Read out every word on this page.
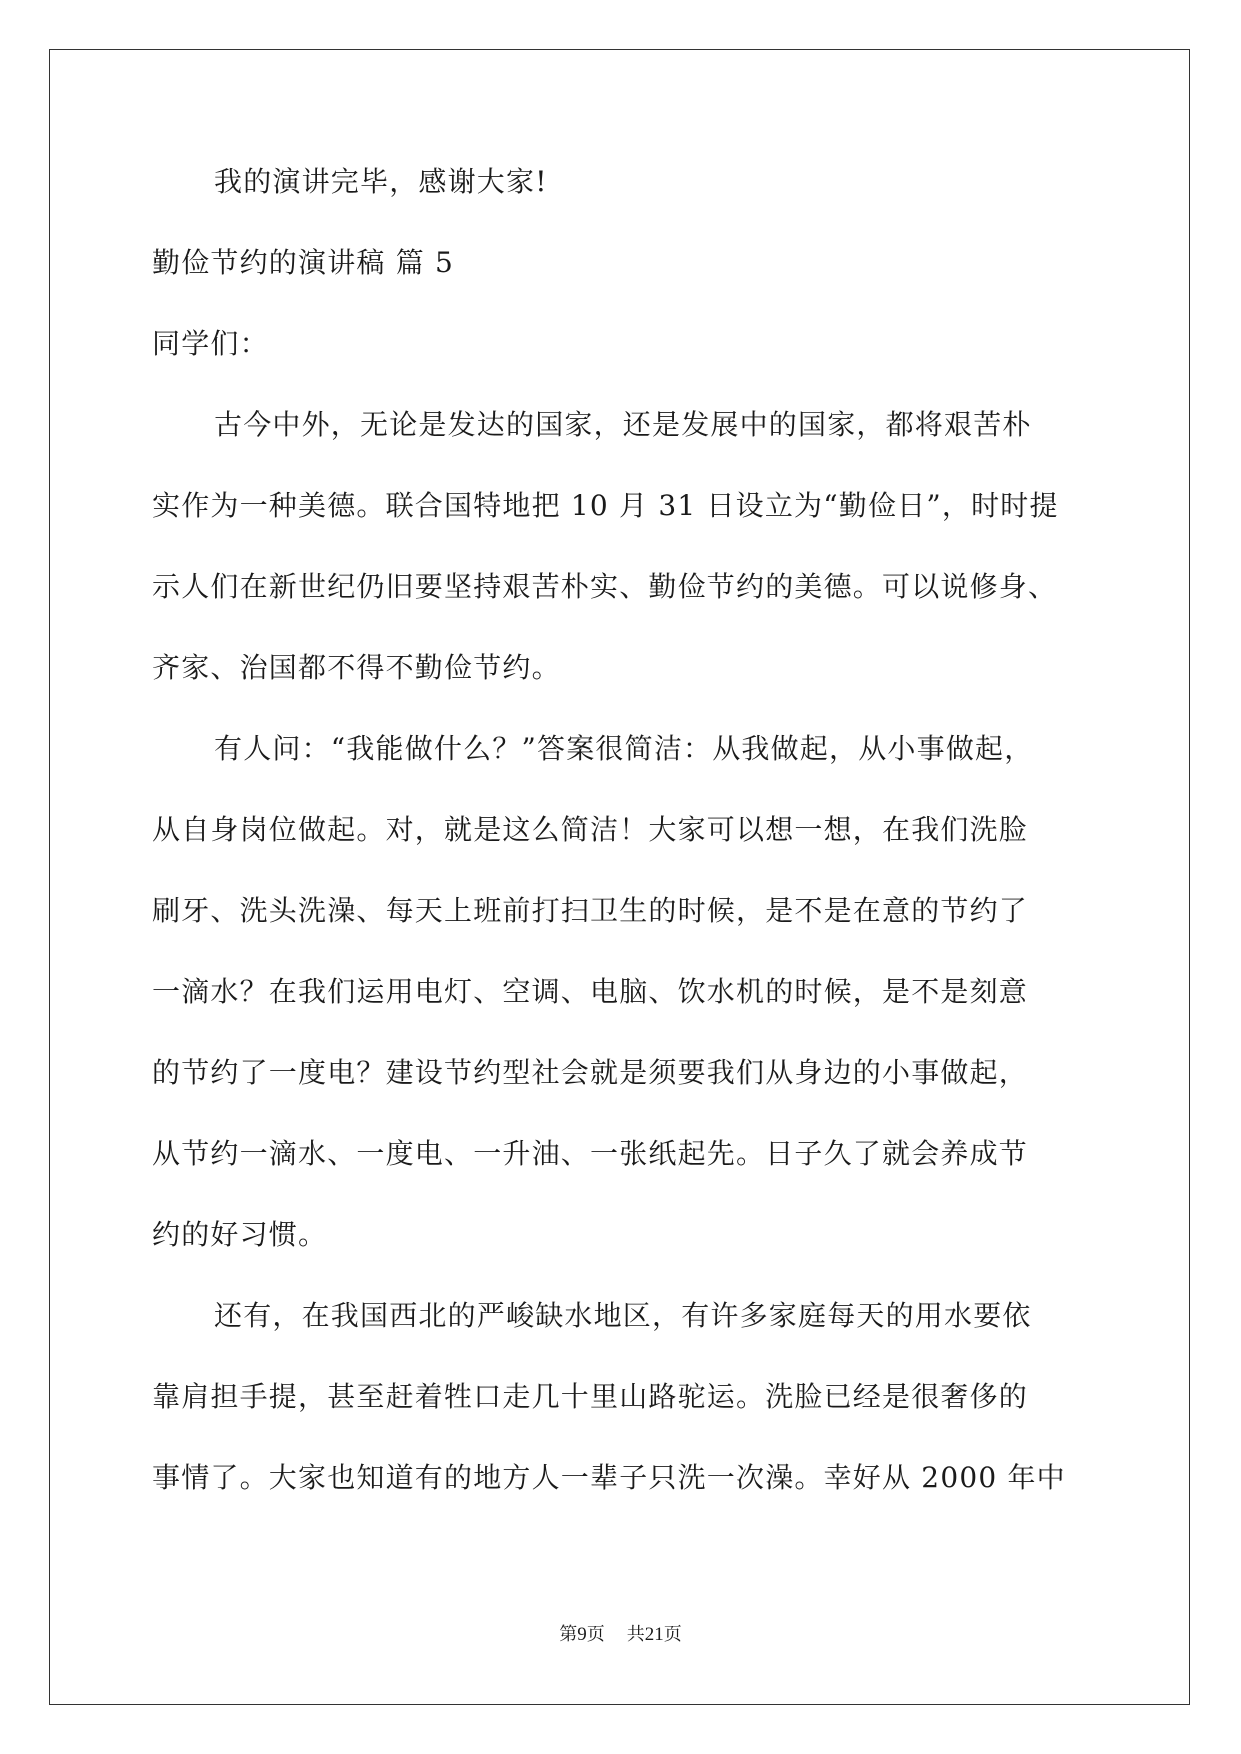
我的演讲完毕，感谢大家!
勤俭节约的演讲稿 篇 5
同学们：
古今中外，无论是发达的国家，还是发展中的国家，都将艰苦朴
实作为一种美德。联合国特地把 10 月 31 日设立为“勤俭日”，时时提
示人们在新世纪仍旧要坚持艰苦朴实、勤俭节约的美德。可以说修身、
齐家、治国都不得不勤俭节约。
有人问：“我能做什么？”答案很简洁：从我做起，从小事做起，
从自身岗位做起。对，就是这么简洁！大家可以想一想，在我们洗脸
刷牙、洗头洗澡、每天上班前打扫卫生的时候，是不是在意的节约了
一滴水？在我们运用电灯、空调、电脑、饮水机的时候，是不是刻意
的节约了一度电？建设节约型社会就是须要我们从身边的小事做起，
从节约一滴水、一度电、一升油、一张纸起先。日子久了就会养成节
约的好习惯。
还有，在我国西北的严峻缺水地区，有许多家庭每天的用水要依
靠肩担手提，甚至赶着牲口走几十里山路驼运。洗脸已经是很奢侈的
事情了。大家也知道有的地方人一辈子只洗一次澡。幸好从 2000 年中
第9页 共21页
